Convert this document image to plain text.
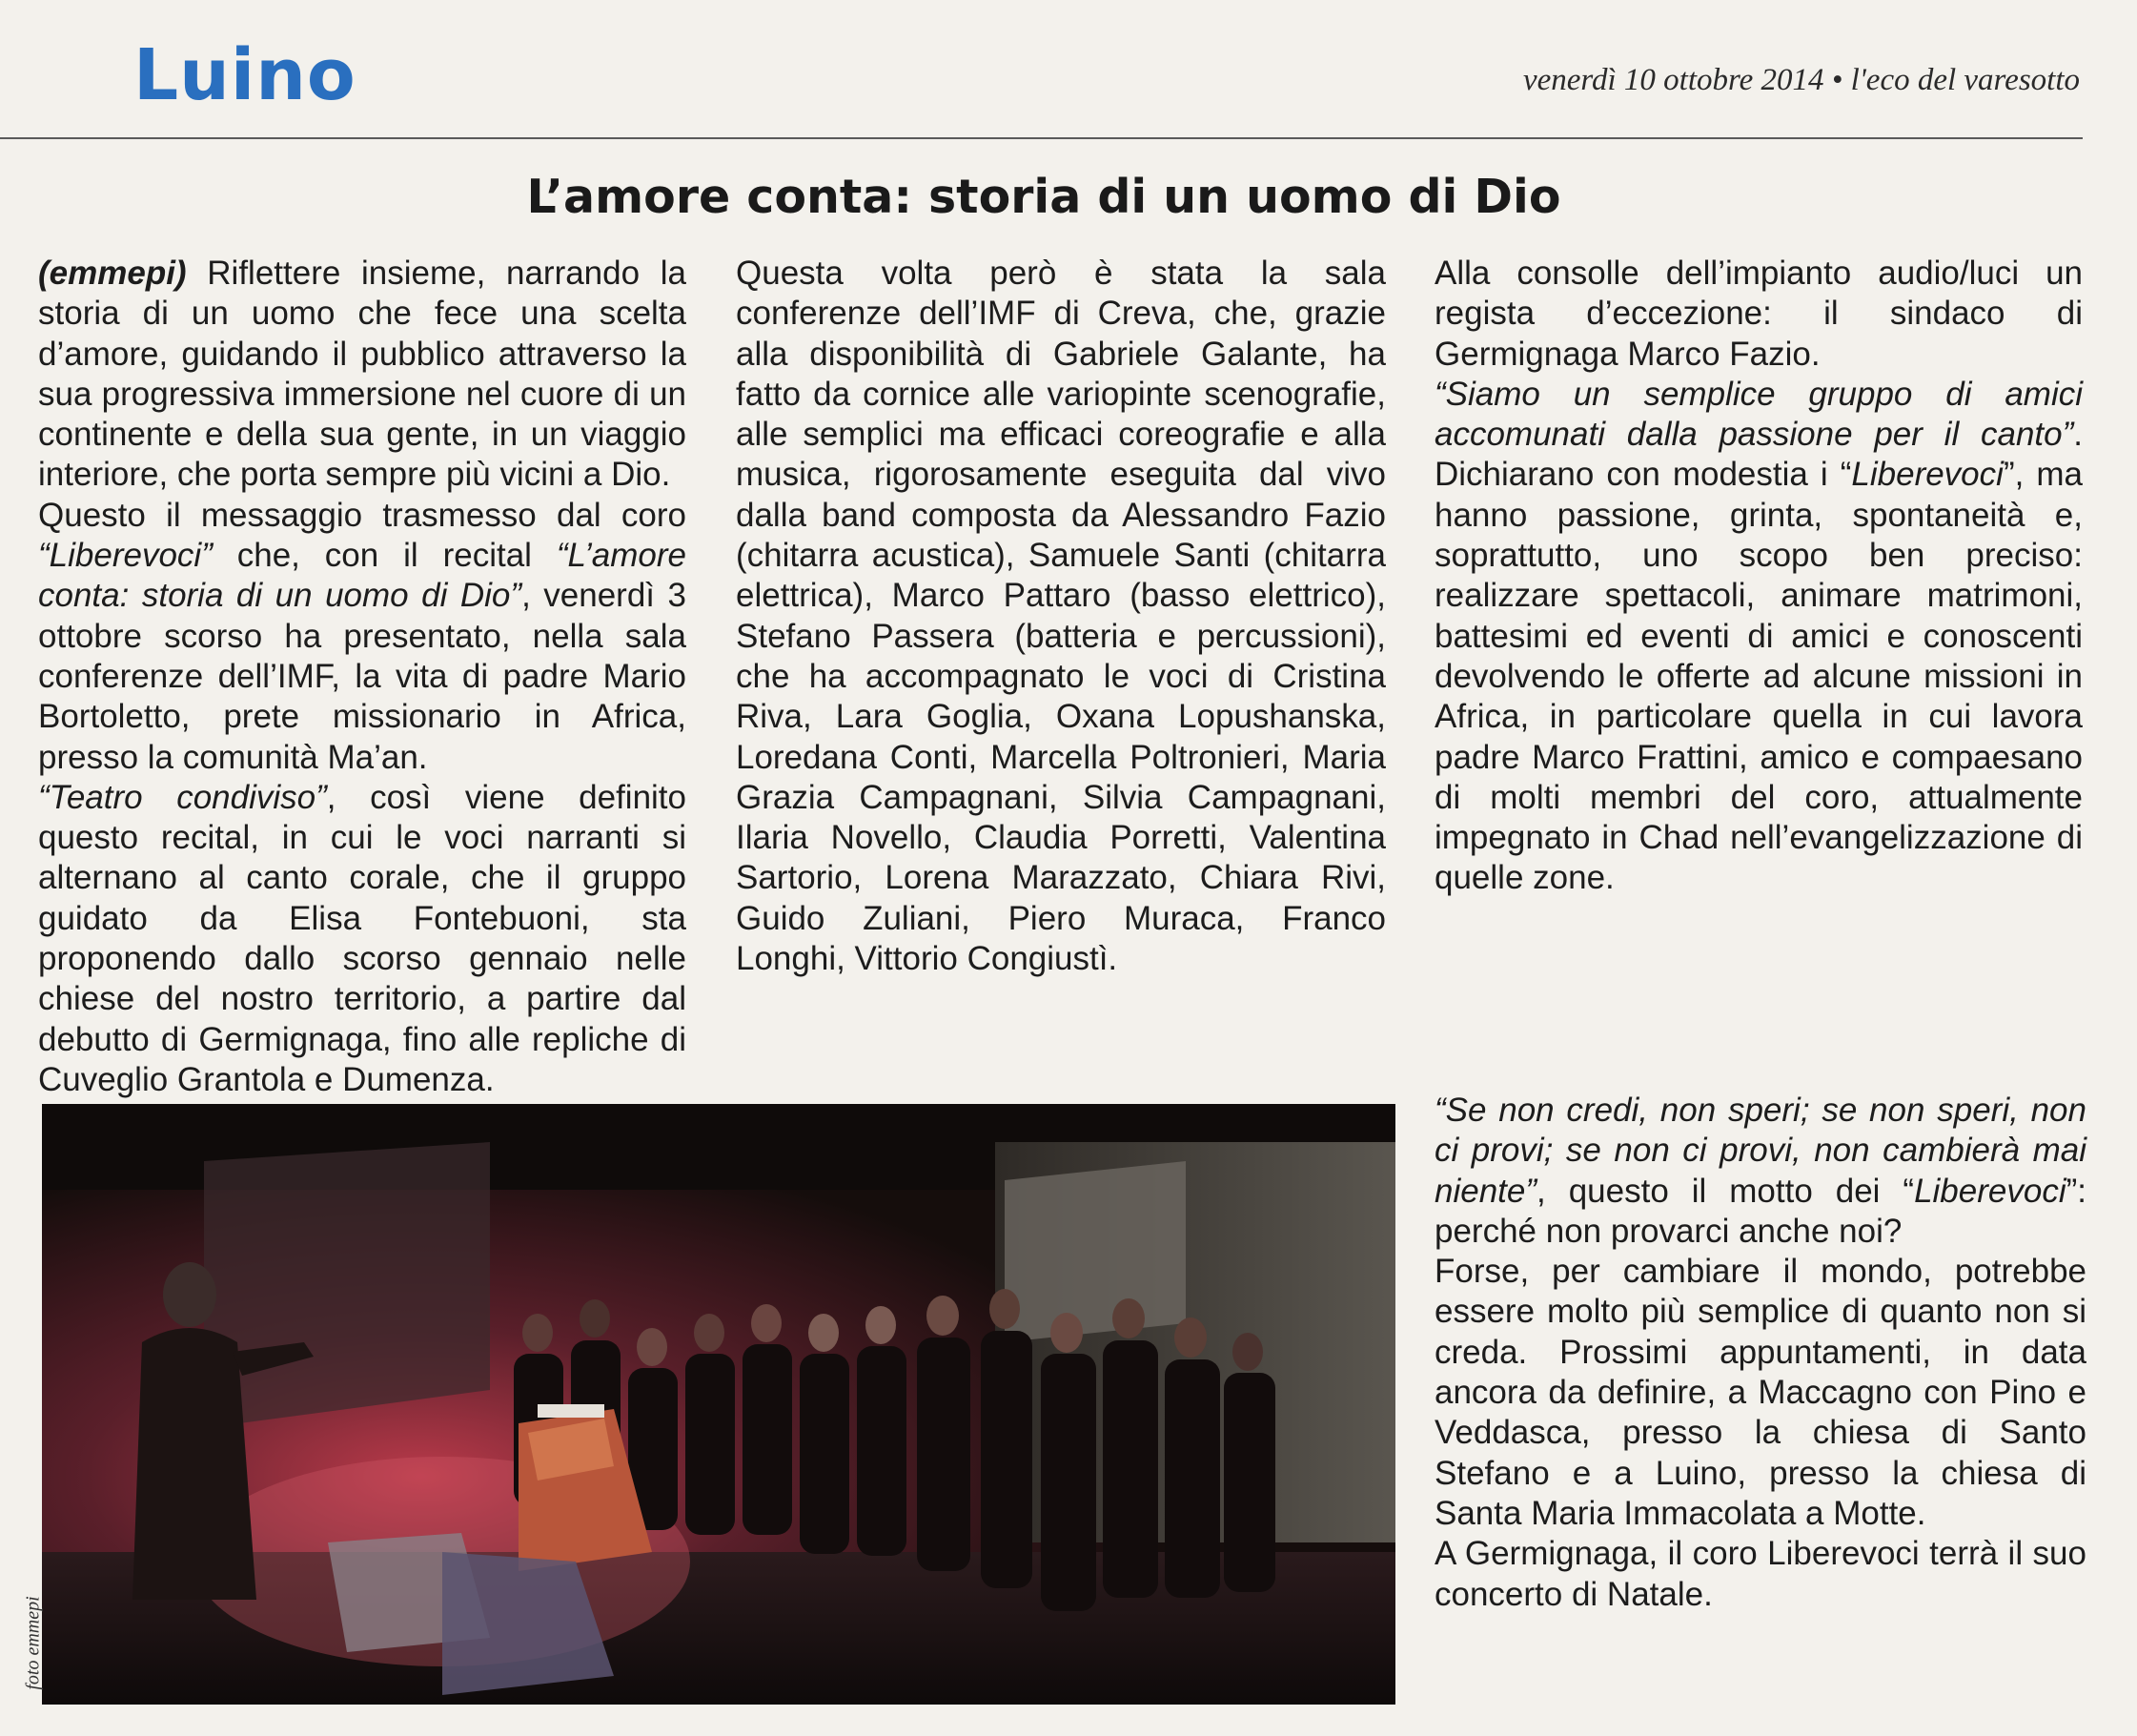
Luino	venerdì 10 ottobre 2014 • l'eco del varesotto
L’amore conta: storia di un uomo di Dio

(emmepi) Riflettere insieme, narrando la storia di un uomo che fece una scelta d’amore, guidando il pubblico attraverso la sua progressiva immersione nel cuore di un continente e della sua gente, in un viaggio interiore, che porta sempre più vicini a Dio.

Questo il messaggio trasmesso dal coro “Liberevoci” che, con il recital “L’amore conta: storia di un uomo di Dio”, venerdì 3 ottobre scorso ha presentato, nella sala conferenze dell’IMF, la vita di padre Mario Bortoletto, prete missionario in Africa, presso la comunità Ma’an.

“Teatro condiviso”, così viene definito questo recital, in cui le voci narranti si alternano al canto corale, che il gruppo guidato da Elisa Fontebuoni, sta proponendo dallo scorso gennaio nelle chiese del nostro territorio, a partire dal debutto di Germignaga, fino alle repliche di Cuveglio Grantola e Dumenza.

Questa volta però è stata la sala conferenze dell’IMF di Creva, che, grazie alla disponibilità di Gabriele Galante, ha fatto da cornice alle variopinte scenografie, alle semplici ma efficaci coreografie e alla musica, rigorosamente eseguita dal vivo dalla band composta da Alessandro Fazio (chitarra acustica), Samuele Santi (chitarra elettrica), Marco Pattaro (basso elettrico), Stefano Passera (batteria e percussioni), che ha accompagnato le voci di Cristina Riva, Lara Goglia, Oxana Lopushanska, Loredana Conti, Marcella Poltronieri, Maria Grazia Campagnani, Silvia Campagnani, Ilaria Novello, Claudia Porretti, Valentina Sartorio, Lorena Marazzato, Chiara Rivi, Guido Zuliani, Piero Muraca, Franco Longhi, Vittorio Congiustì.

Alla consolle dell’impianto audio/luci un regista d’eccezione: il sindaco di Germignaga Marco Fazio.

“Siamo un semplice gruppo di amici accomunati dalla passione per il canto”. Dichiarano con modestia i “Liberevoci”, ma hanno passione, grinta, spontaneità e, soprattutto, uno scopo ben preciso: realizzare spettacoli, animare matrimoni, battesimi ed eventi di amici e conoscenti devolvendo le offerte ad alcune missioni in Africa, in particolare quella in cui lavora padre Marco Frattini, amico e compaesano di molti membri del coro, attualmente impegnato in Chad nell’evangelizzazione di quelle zone.

“Se non credi, non speri; se non speri, non ci provi; se non ci provi, non cambierà mai niente”, questo il motto dei “Liberevoci”: perché non provarci anche noi?

Forse, per cambiare il mondo, potrebbe essere molto più semplice di quanto non si creda. Prossimi appuntamenti, in data ancora da definire, a Maccagno con Pino e Veddasca, presso la chiesa di Santo Stefano e a Luino, presso la chiesa di Santa Maria Immacolata a Motte.

A Germignaga, il coro Liberevoci terrà il suo concerto di Natale.

foto emmepi
